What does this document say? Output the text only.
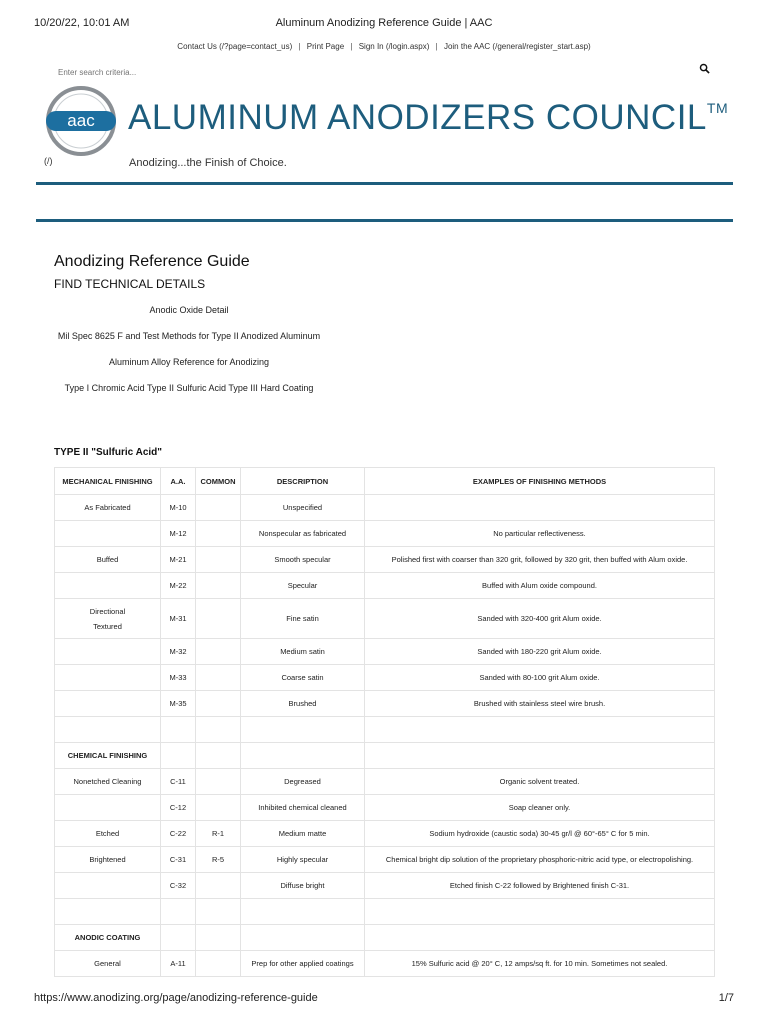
10/20/22, 10:01 AM	Aluminum Anodizing Reference Guide | AAC
Contact Us (/?page=contact_us) | Print Page | Sign In (/login.aspx) | Join the AAC (/general/register_start.asp)
Enter search criteria...
aac ALUMINUM ANODIZERS COUNCIL™
(/)	Anodizing...the Finish of Choice.
Anodizing Reference Guide
FIND TECHNICAL DETAILS
Anodic Oxide Detail
Mil Spec 8625 F and Test Methods for Type II Anodized Aluminum
Aluminum Alloy Reference for Anodizing
Type I Chromic Acid Type II Sulfuric Acid Type III Hard Coating
TYPE II "Sulfuric Acid"
MECHANICAL FINISHING	A.A.	COMMON	DESCRIPTION	EXAMPLES OF FINISHING METHODS
As Fabricated	M-10		Unspecified	
	M-12		Nonspecular as fabricated	No particular reflectiveness.
Buffed	M-21		Smooth specular	Polished first with coarser than 320 grit, followed by 320 grit, then buffed with Alum oxide.
	M-22		Specular	Buffed with Alum oxide compound.
Directional Textured	M-31		Fine satin	Sanded with 320-400 grit Alum oxide.
	M-32		Medium satin	Sanded with 180-220 grit Alum oxide.
	M-33		Coarse satin	Sanded with 80-100 grit Alum oxide.
	M-35		Brushed	Brushed with stainless steel wire brush.

CHEMICAL FINISHING				
Nonetched Cleaning	C-11		Degreased	Organic solvent treated.
	C-12		Inhibited chemical cleaned	Soap cleaner only.
Etched	C-22	R-1	Medium matte	Sodium hydroxide (caustic soda) 30-45 gr/l @ 60°-65° C for 5 min.
Brightened	C-31	R-5	Highly specular	Chemical bright dip solution of the proprietary phosphoric-nitric acid type, or electropolishing.
	C-32		Diffuse bright	Etched finish C-22 followed by Brightened finish C-31.

ANODIC COATING				
General	A-11		Prep for other applied coatings	15% Sulfuric acid @ 20° C, 12 amps/sq ft. for 10 min. Sometimes not sealed.
https://www.anodizing.org/page/anodizing-reference-guide	1/7
